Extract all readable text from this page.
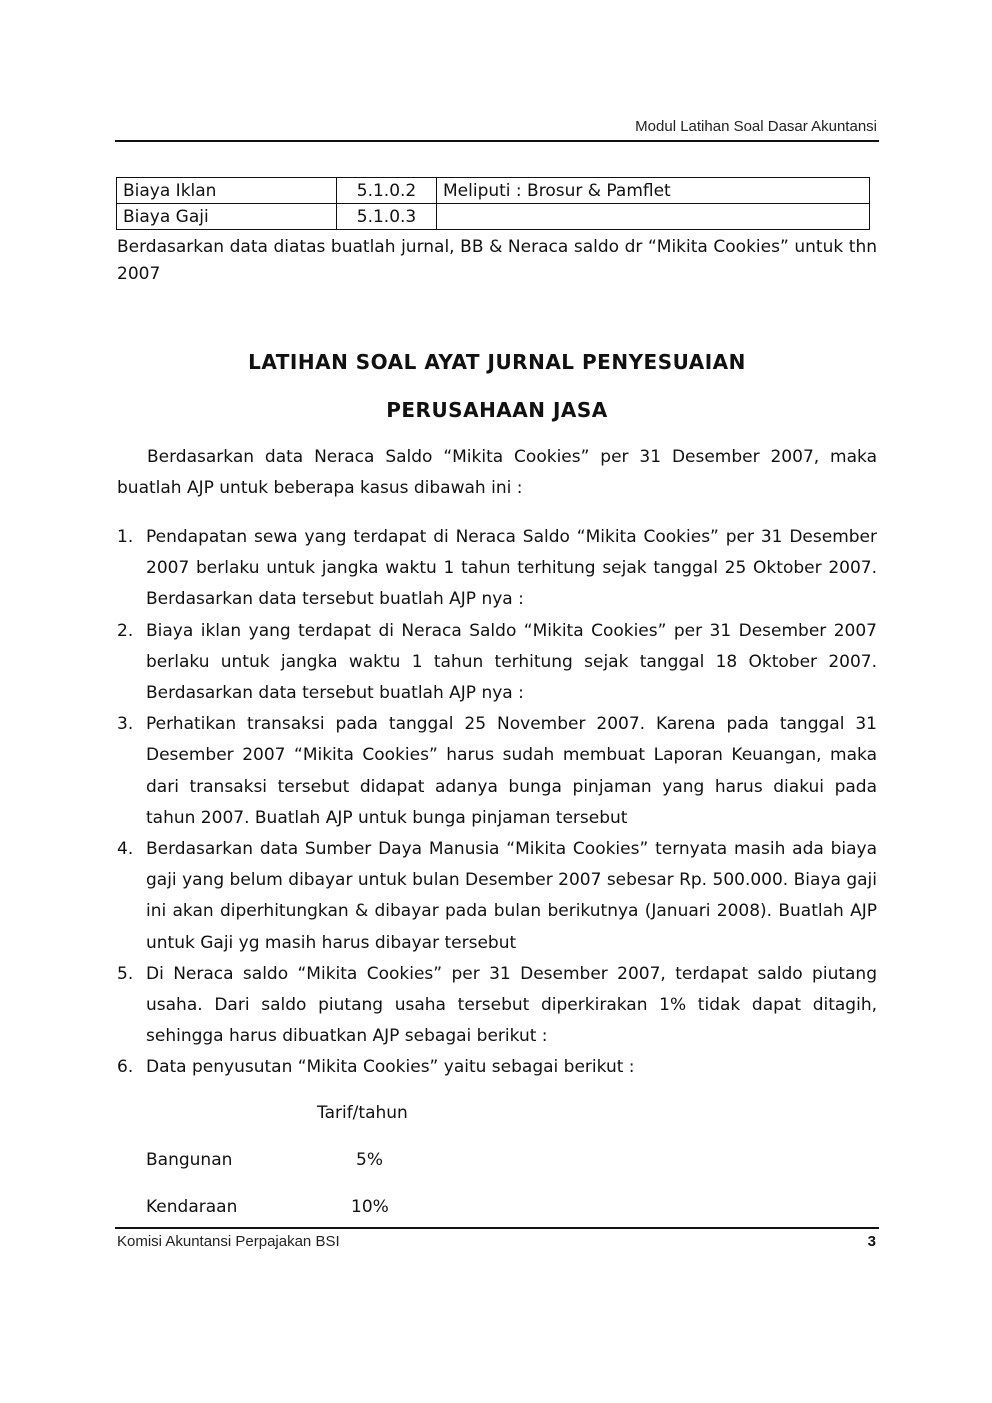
Modul Latihan Soal Dasar Akuntansi
Biaya Iklan	5.1.0.2	Meliputi : Brosur & Pamflet
Biaya Gaji	5.1.0.3	
Berdasarkan data diatas buatlah jurnal, BB & Neraca saldo dr “Mikita Cookies” untuk thn 2007
LATIHAN SOAL AYAT JURNAL PENYESUAIAN
PERUSAHAAN JASA
Berdasarkan data Neraca Saldo “Mikita Cookies” per 31 Desember 2007, maka buatlah AJP untuk beberapa kasus dibawah ini :
1. Pendapatan sewa yang terdapat di Neraca Saldo “Mikita Cookies” per 31 Desember 2007 berlaku untuk jangka waktu 1 tahun terhitung sejak tanggal 25 Oktober 2007. Berdasarkan data tersebut buatlah AJP nya :
2. Biaya iklan yang terdapat di Neraca Saldo “Mikita Cookies” per 31 Desember 2007 berlaku untuk jangka waktu 1 tahun terhitung sejak tanggal 18 Oktober 2007. Berdasarkan data tersebut buatlah AJP nya :
3. Perhatikan transaksi pada tanggal 25 November 2007. Karena pada tanggal 31 Desember 2007 “Mikita Cookies” harus sudah membuat Laporan Keuangan, maka dari transaksi tersebut didapat adanya bunga pinjaman yang harus diakui pada tahun 2007. Buatlah AJP untuk bunga pinjaman tersebut
4. Berdasarkan data Sumber Daya Manusia “Mikita Cookies” ternyata masih ada biaya gaji yang belum dibayar untuk bulan Desember 2007 sebesar Rp. 500.000. Biaya gaji ini akan diperhitungkan & dibayar pada bulan berikutnya (Januari 2008). Buatlah AJP untuk Gaji yg masih harus dibayar tersebut
5. Di Neraca saldo “Mikita Cookies” per 31 Desember 2007, terdapat saldo piutang usaha. Dari saldo piutang usaha tersebut diperkirakan 1% tidak dapat ditagih, sehingga harus dibuatkan AJP sebagai berikut :
6. Data penyusutan “Mikita Cookies” yaitu sebagai berikut :
Tarif/tahun
Bangunan	5%
Kendaraan	10%
Komisi Akuntansi Perpajakan BSI	3
